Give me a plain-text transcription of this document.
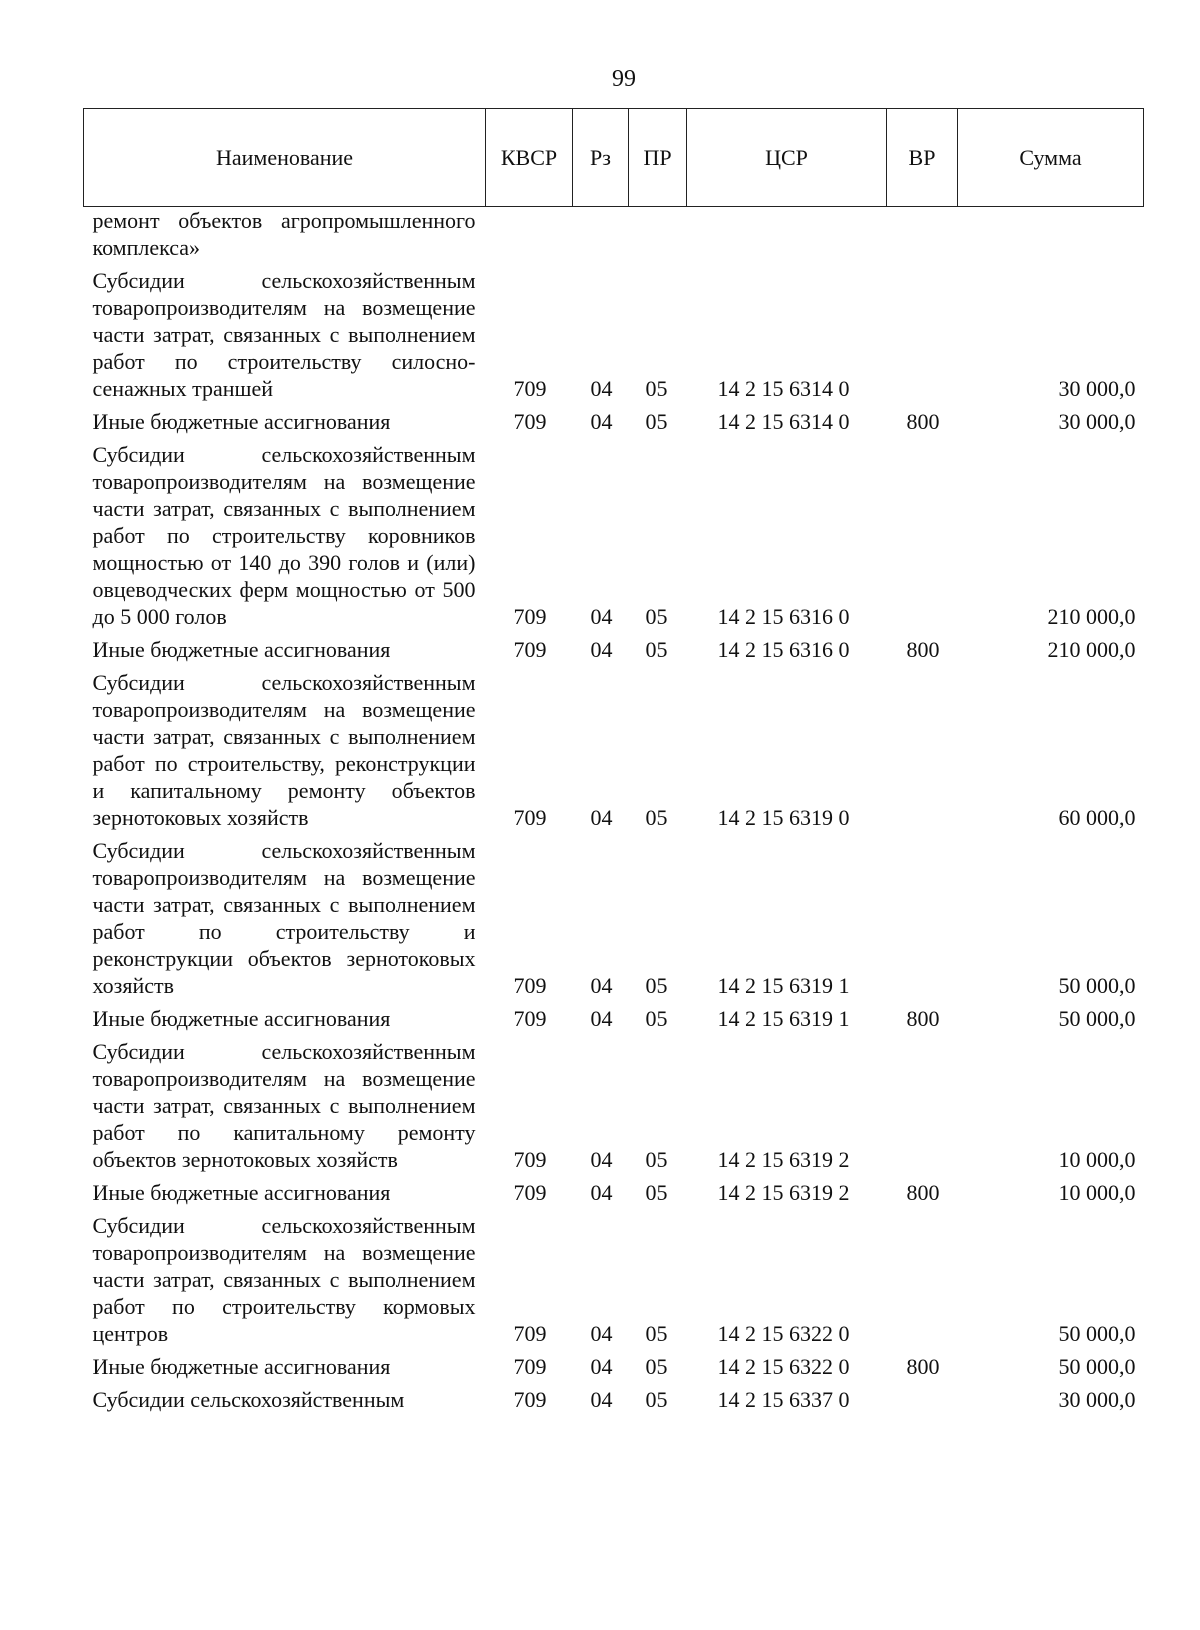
99
Наименование	КВСР	Рз	ПР	ЦСР	ВР	Сумма
ремонт объектов агропромышленного комплекса»						
Субсидии сельскохозяйственным товаропроизводителям на возмещение части затрат, связанных с выполнением работ по строительству силосно-сенажных траншей	709	04	05	14 2 15 6314 0		30 000,0
Иные бюджетные ассигнования	709	04	05	14 2 15 6314 0	800	30 000,0
Субсидии сельскохозяйственным товаропроизводителям на возмещение части затрат, связанных с выполнением работ по строительству коровников мощностью от 140 до 390 голов и (или) овцеводческих ферм мощностью от 500 до 5 000 голов	709	04	05	14 2 15 6316 0		210 000,0
Иные бюджетные ассигнования	709	04	05	14 2 15 6316 0	800	210 000,0
Субсидии сельскохозяйственным товаропроизводителям на возмещение части затрат, связанных с выполнением работ по строительству, реконструкции и капитальному ремонту объектов зернотоковых хозяйств	709	04	05	14 2 15 6319 0		60 000,0
Субсидии сельскохозяйственным товаропроизводителям на возмещение части затрат, связанных с выполнением работ по строительству и реконструкции объектов зернотоковых хозяйств	709	04	05	14 2 15 6319 1		50 000,0
Иные бюджетные ассигнования	709	04	05	14 2 15 6319 1	800	50 000,0
Субсидии сельскохозяйственным товаропроизводителям на возмещение части затрат, связанных с выполнением работ по капитальному ремонту объектов зернотоковых хозяйств	709	04	05	14 2 15 6319 2		10 000,0
Иные бюджетные ассигнования	709	04	05	14 2 15 6319 2	800	10 000,0
Субсидии сельскохозяйственным товаропроизводителям на возмещение части затрат, связанных с выполнением работ по строительству кормовых центров	709	04	05	14 2 15 6322 0		50 000,0
Иные бюджетные ассигнования	709	04	05	14 2 15 6322 0	800	50 000,0
Субсидии сельскохозяйственным	709	04	05	14 2 15 6337 0		30 000,0
